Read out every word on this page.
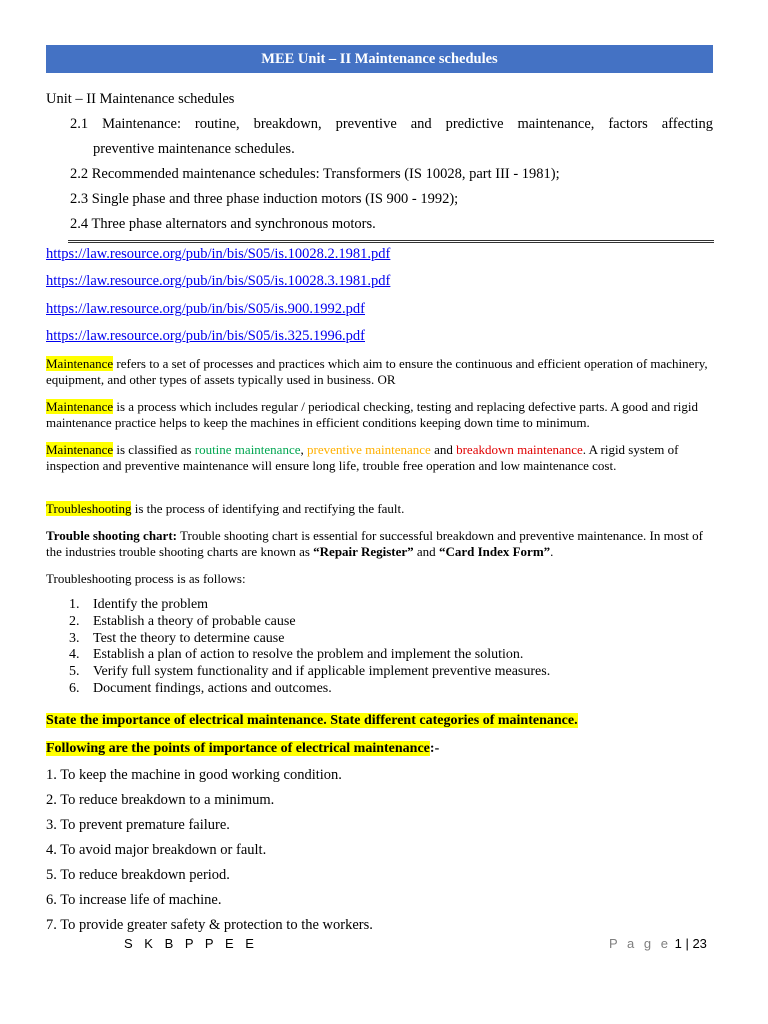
MEE Unit – II Maintenance schedules
Unit – II Maintenance schedules
2.1 Maintenance: routine, breakdown, preventive and predictive maintenance, factors affecting
preventive maintenance schedules.
2.2 Recommended maintenance schedules: Transformers (IS 10028, part III - 1981);
2.3 Single phase and three phase induction motors (IS 900 - 1992);
2.4 Three phase alternators and synchronous motors.
https://law.resource.org/pub/in/bis/S05/is.10028.2.1981.pdf
https://law.resource.org/pub/in/bis/S05/is.10028.3.1981.pdf
https://law.resource.org/pub/in/bis/S05/is.900.1992.pdf
https://law.resource.org/pub/in/bis/S05/is.325.1996.pdf
Maintenance refers to a set of processes and practices which aim to ensure the continuous and efficient operation of machinery, equipment, and other types of assets typically used in business. OR
Maintenance is a process which includes regular / periodical checking, testing and replacing defective parts. A good and rigid maintenance practice helps to keep the machines in efficient conditions keeping down time to minimum.
Maintenance is classified as routine maintenance, preventive maintenance and breakdown maintenance. A rigid system of inspection and preventive maintenance will ensure long life, trouble free operation and low maintenance cost.
Troubleshooting is the process of identifying and rectifying the fault.
Trouble shooting chart: Trouble shooting chart is essential for successful breakdown and preventive maintenance. In most of the industries trouble shooting charts are known as “Repair Register” and “Card Index Form”.
Troubleshooting process is as follows:
1. Identify the problem
2. Establish a theory of probable cause
3. Test the theory to determine cause
4. Establish a plan of action to resolve the problem and implement the solution.
5. Verify full system functionality and if applicable implement preventive measures.
6. Document findings, actions and outcomes.
State the importance of electrical maintenance. State different categories of maintenance.
Following are the points of importance of electrical maintenance:-
1. To keep the machine in good working condition.
2. To reduce breakdown to a minimum.
3. To prevent premature failure.
4. To avoid major breakdown or fault.
5. To reduce breakdown period.
6. To increase life of machine.
7. To provide greater safety & protection to the workers.
S K B P P E E	P a g e 1 | 23
